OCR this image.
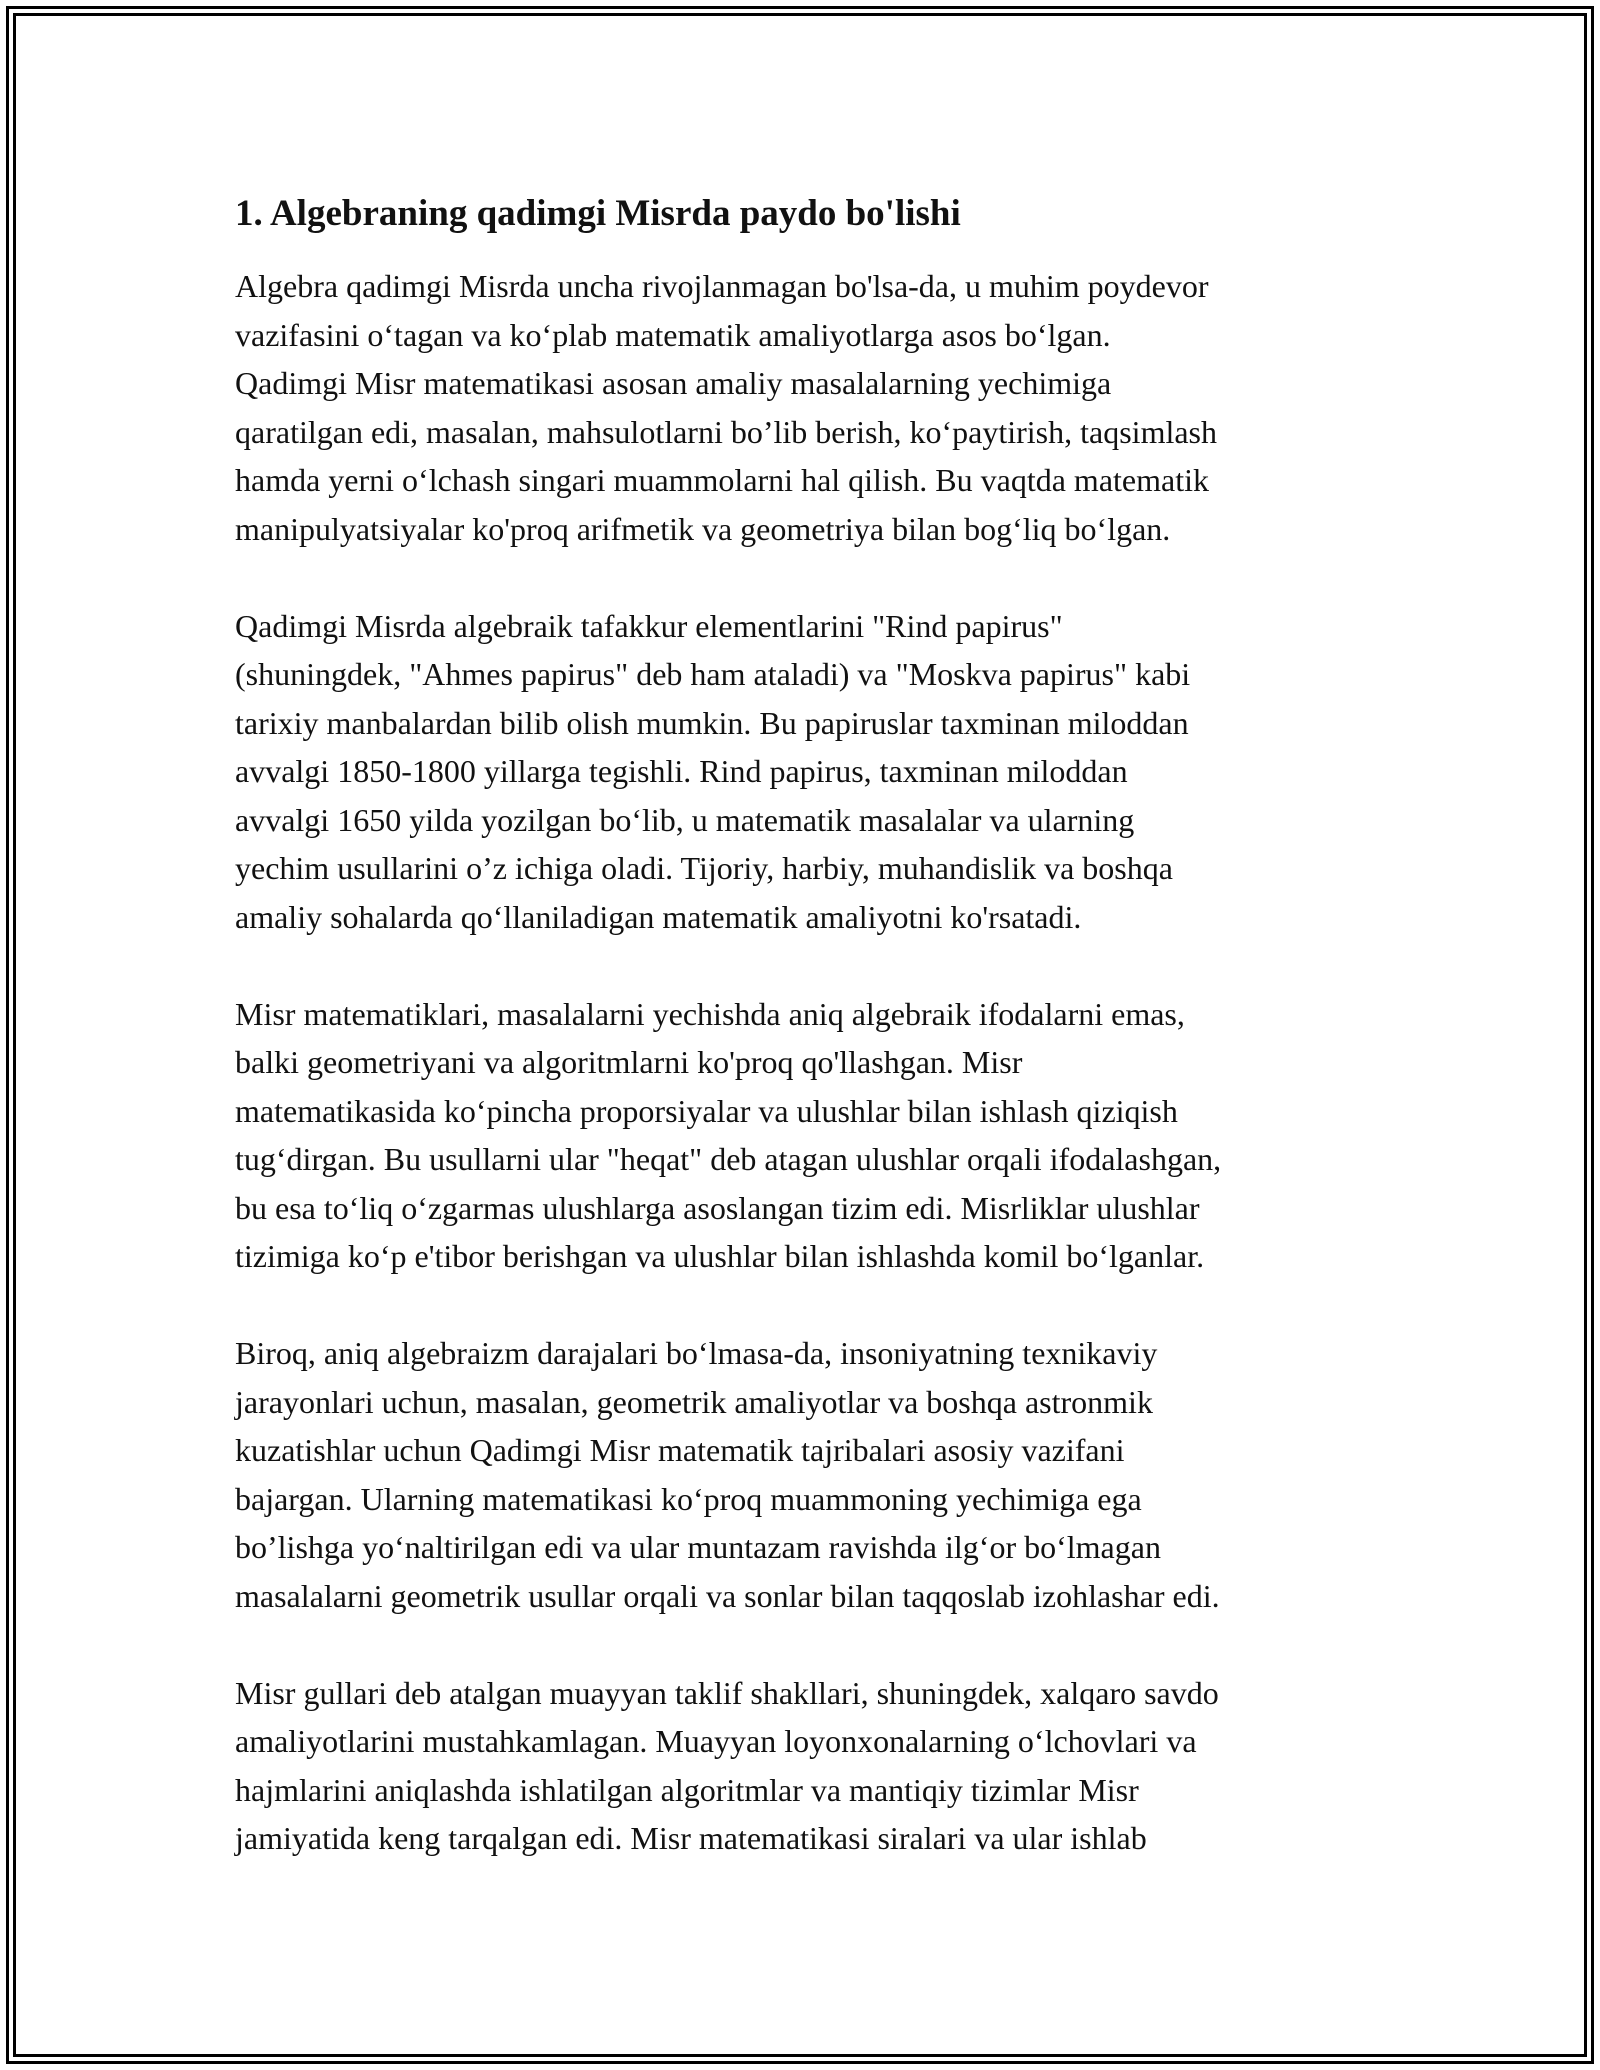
1. Algebraning qadimgi Misrda paydo bo'lishi

Algebra qadimgi Misrda uncha rivojlanmagan bo'lsa-da, u muhim poydevor
vazifasini o‘tagan va ko‘plab matematik amaliyotlarga asos bo‘lgan.
Qadimgi Misr matematikasi asosan amaliy masalalarning yechimiga
qaratilgan edi, masalan, mahsulotlarni bo’lib berish, ko‘paytirish, taqsimlash
hamda yerni o‘lchash singari muammolarni hal qilish. Bu vaqtda matematik
manipulyatsiyalar ko'proq arifmetik va geometriya bilan bog‘liq bo‘lgan.

Qadimgi Misrda algebraik tafakkur elementlarini "Rind papirus"
(shuningdek, "Ahmes papirus" deb ham ataladi) va "Moskva papirus" kabi
tarixiy manbalardan bilib olish mumkin. Bu papiruslar taxminan miloddan
avvalgi 1850-1800 yillarga tegishli. Rind papirus, taxminan miloddan
avvalgi 1650 yilda yozilgan bo‘lib, u matematik masalalar va ularning
yechim usullarini o’z ichiga oladi. Tijoriy, harbiy, muhandislik va boshqa
amaliy sohalarda qo‘llaniladigan matematik amaliyotni ko'rsatadi.

Misr matematiklari, masalalarni yechishda aniq algebraik ifodalarni emas,
balki geometriyani va algoritmlarni ko'proq qo'llashgan. Misr
matematikasida ko‘pincha proporsiyalar va ulushlar bilan ishlash qiziqish
tug‘dirgan. Bu usullarni ular "heqat" deb atagan ulushlar orqali ifodalashgan,
bu esa to‘liq o‘zgarmas ulushlarga asoslangan tizim edi. Misrliklar ulushlar
tizimiga ko‘p e'tibor berishgan va ulushlar bilan ishlashda komil bo‘lganlar.

Biroq, aniq algebraizm darajalari bo‘lmasa-da, insoniyatning texnikaviy
jarayonlari uchun, masalan, geometrik amaliyotlar va boshqa astronmik
kuzatishlar uchun Qadimgi Misr matematik tajribalari asosiy vazifani
bajargan. Ularning matematikasi ko‘proq muammoning yechimiga ega
bo’lishga yo‘naltirilgan edi va ular muntazam ravishda ilg‘or bo‘lmagan
masalalarni geometrik usullar orqali va sonlar bilan taqqoslab izohlashar edi.

Misr gullari deb atalgan muayyan taklif shakllari, shuningdek, xalqaro savdo
amaliyotlarini mustahkamlagan. Muayyan loyonxonalarning o‘lchovlari va
hajmlarini aniqlashda ishlatilgan algoritmlar va mantiqiy tizimlar Misr
jamiyatida keng tarqalgan edi. Misr matematikasi siralari va ular ishlab
